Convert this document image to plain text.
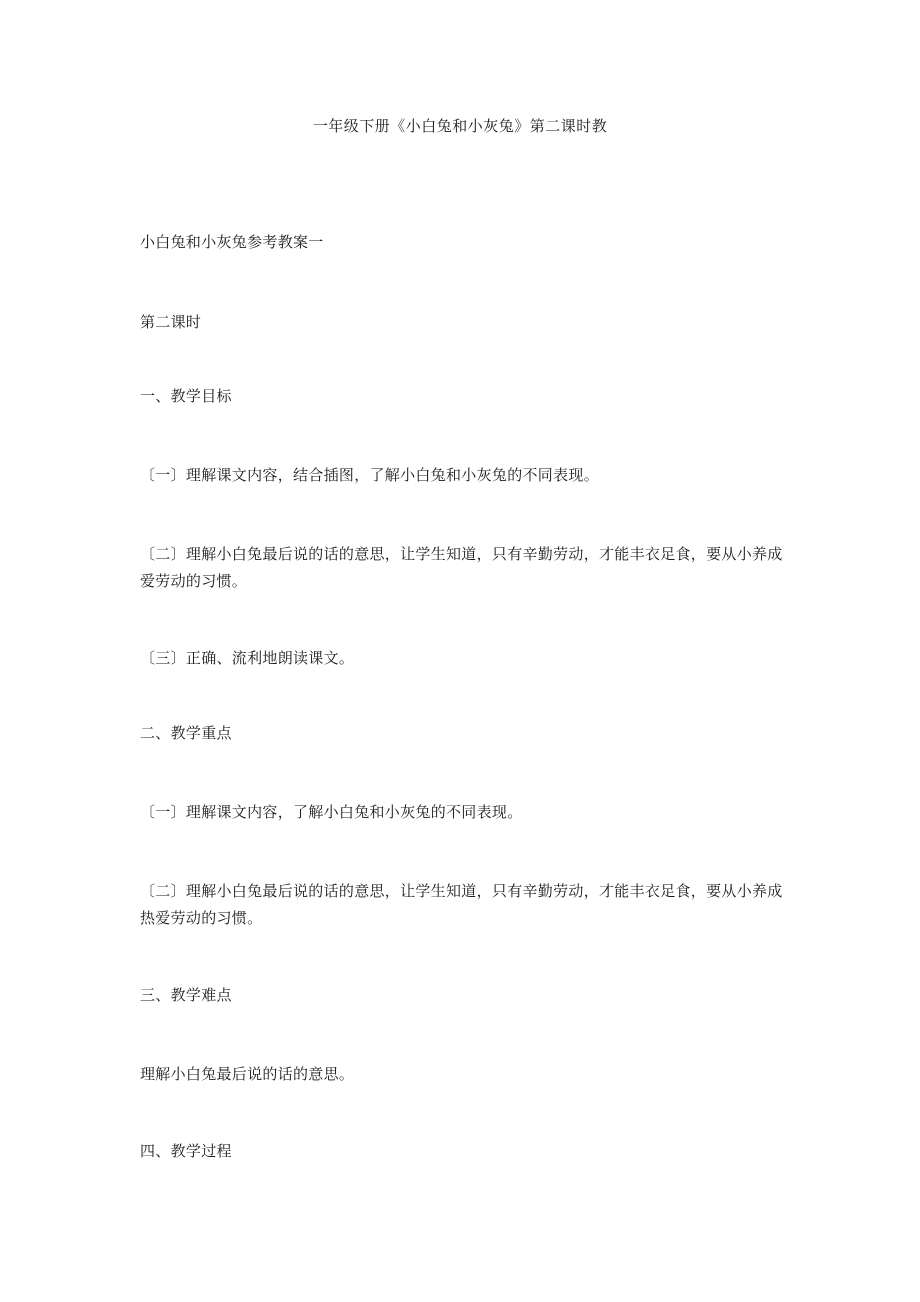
一年级下册《小白兔和小灰兔》第二课时教
小白兔和小灰兔参考教案一
第二课时
一、教学目标
〔一〕理解课文内容，结合插图，了解小白兔和小灰兔的不同表现。
〔二〕理解小白兔最后说的话的意思，让学生知道，只有辛勤劳动，才能丰衣足食，要从小养成爱劳动的习惯。
〔三〕正确、流利地朗读课文。
二、教学重点
〔一〕理解课文内容，了解小白兔和小灰兔的不同表现。
〔二〕理解小白兔最后说的话的意思，让学生知道，只有辛勤劳动，才能丰衣足食，要从小养成热爱劳动的习惯。
三、教学难点
理解小白兔最后说的话的意思。
四、教学过程
